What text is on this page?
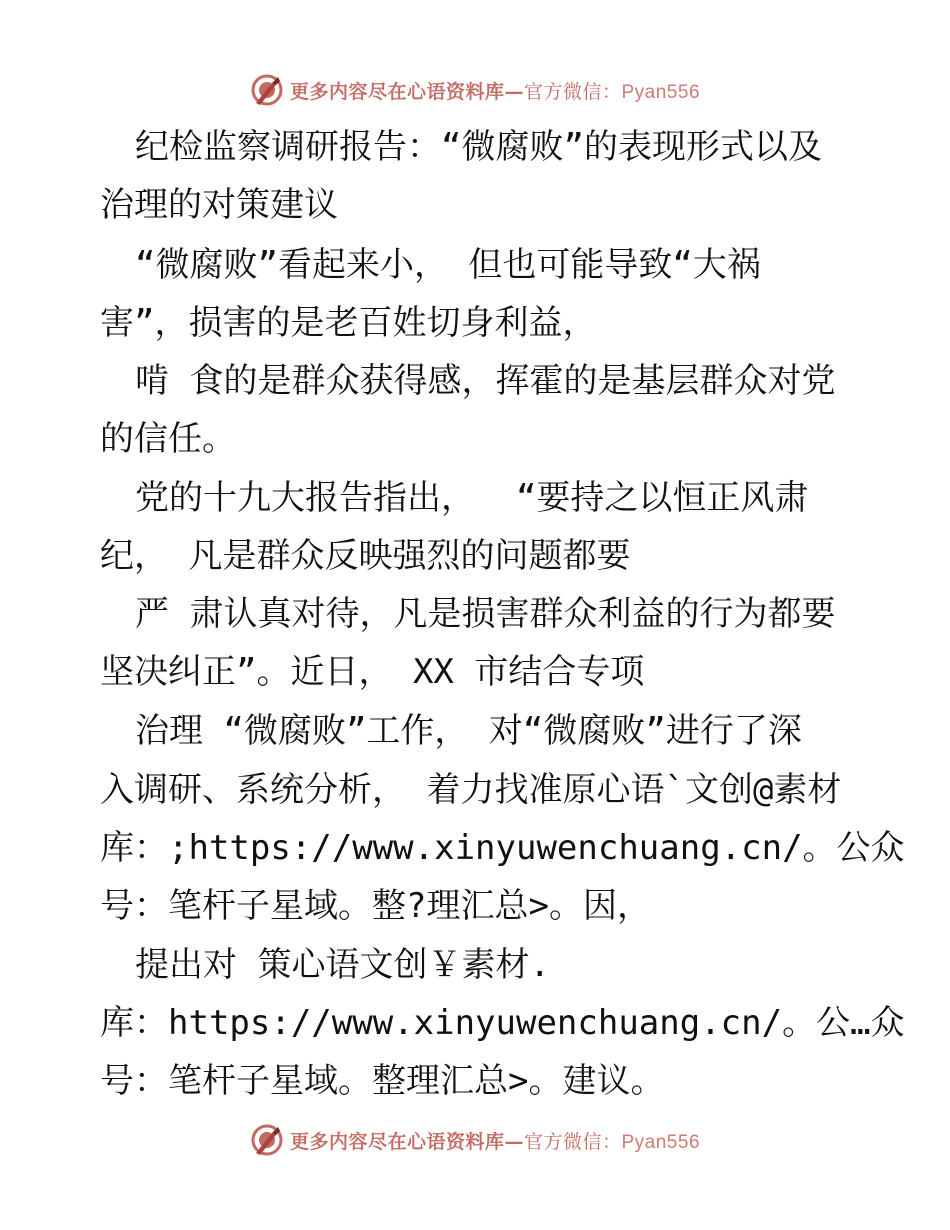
更多内容尽在心语资料库—官方微信：Pyan556
纪检监察调研报告：“微腐败”的表现形式以及
治理的对策建议
“微腐败”看起来小， 但也可能导致“大祸
害”，损害的是老百姓切身利益，
啃 食的是群众获得感，挥霍的是基层群众对党
的信任。
党的十九大报告指出，  “要持之以恒正风肃
纪， 凡是群众反映强烈的问题都要
严 肃认真对待，凡是损害群众利益的行为都要
坚决纠正”。近日， XX 市结合专项
治理 “微腐败”工作， 对“微腐败”进行了深
入调研、系统分析， 着力找准原心语`文创@素材
库：;https://www.xinyuwenchuang.cn/。公众
号：笔杆子星域。整?理汇总>。因，
提出对 策心语文创￥素材.
库：https://www.xinyuwenchuang.cn/。公…众
号：笔杆子星域。整理汇总>。建议。
更多内容尽在心语资料库—官方微信：Pyan556
